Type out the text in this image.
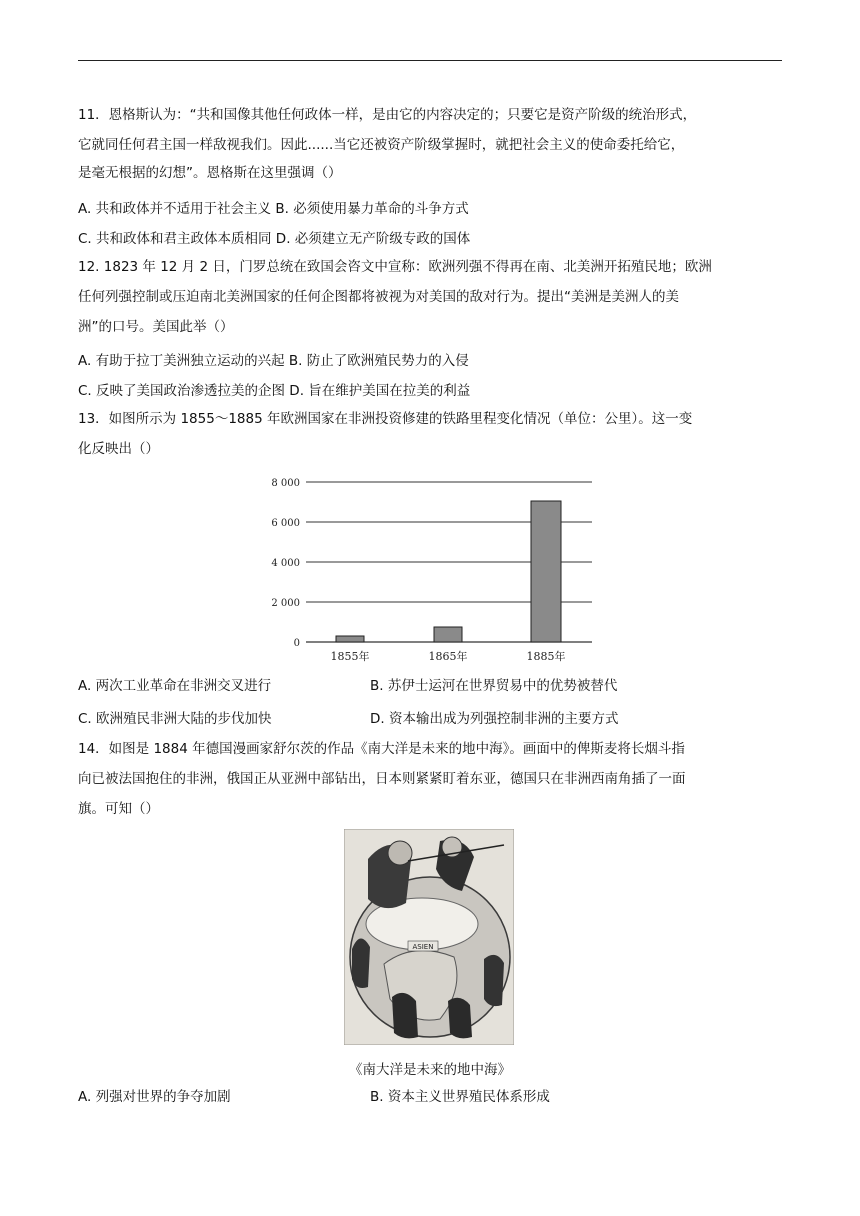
11．恩格斯认为：“共和国像其他任何政体一样，是由它的内容决定的；只要它是资产阶级的统治形式，
它就同任何君主国一样敌视我们。因此......当它还被资产阶级掌握时，就把社会主义的使命委托给它，
是毫无根据的幻想”。恩格斯在这里强调（）
A. 共和政体并不适用于社会主义 B. 必须使用暴力革命的斗争方式
C. 共和政体和君主政体本质相同 D. 必须建立无产阶级专政的国体
12. 1823 年 12 月 2 日，门罗总统在致国会咨文中宣称：欧洲列强不得再在南、北美洲开拓殖民地；欧洲
任何列强控制或压迫南北美洲国家的任何企图都将被视为对美国的敌对行为。提出“美洲是美洲人的美
洲”的口号。美国此举（）
A. 有助于拉丁美洲独立运动的兴起 B. 防止了欧洲殖民势力的入侵
C. 反映了美国政治渗透拉美的企图 D. 旨在维护美国在拉美的利益
13．如图所示为 1855～1885 年欧洲国家在非洲投资修建的铁路里程变化情况（单位：公里）。这一变
化反映出（）
8 000
6 000
4 000
2 000
0
1855年	1865年	1885年
A. 两次工业革命在非洲交叉进行	B. 苏伊士运河在世界贸易中的优势被替代
C. 欧洲殖民非洲大陆的步伐加快	D. 资本输出成为列强控制非洲的主要方式
14．如图是 1884 年德国漫画家舒尔茨的作品《南大洋是未来的地中海》。画面中的俾斯麦将长烟斗指
向已被法国抱住的非洲，俄国正从亚洲中部钻出，日本则紧紧盯着东亚，德国只在非洲西南角插了一面
旗。可知（）
ASIEN
《南大洋是未来的地中海》
A. 列强对世界的争夺加剧	B. 资本主义世界殖民体系形成
